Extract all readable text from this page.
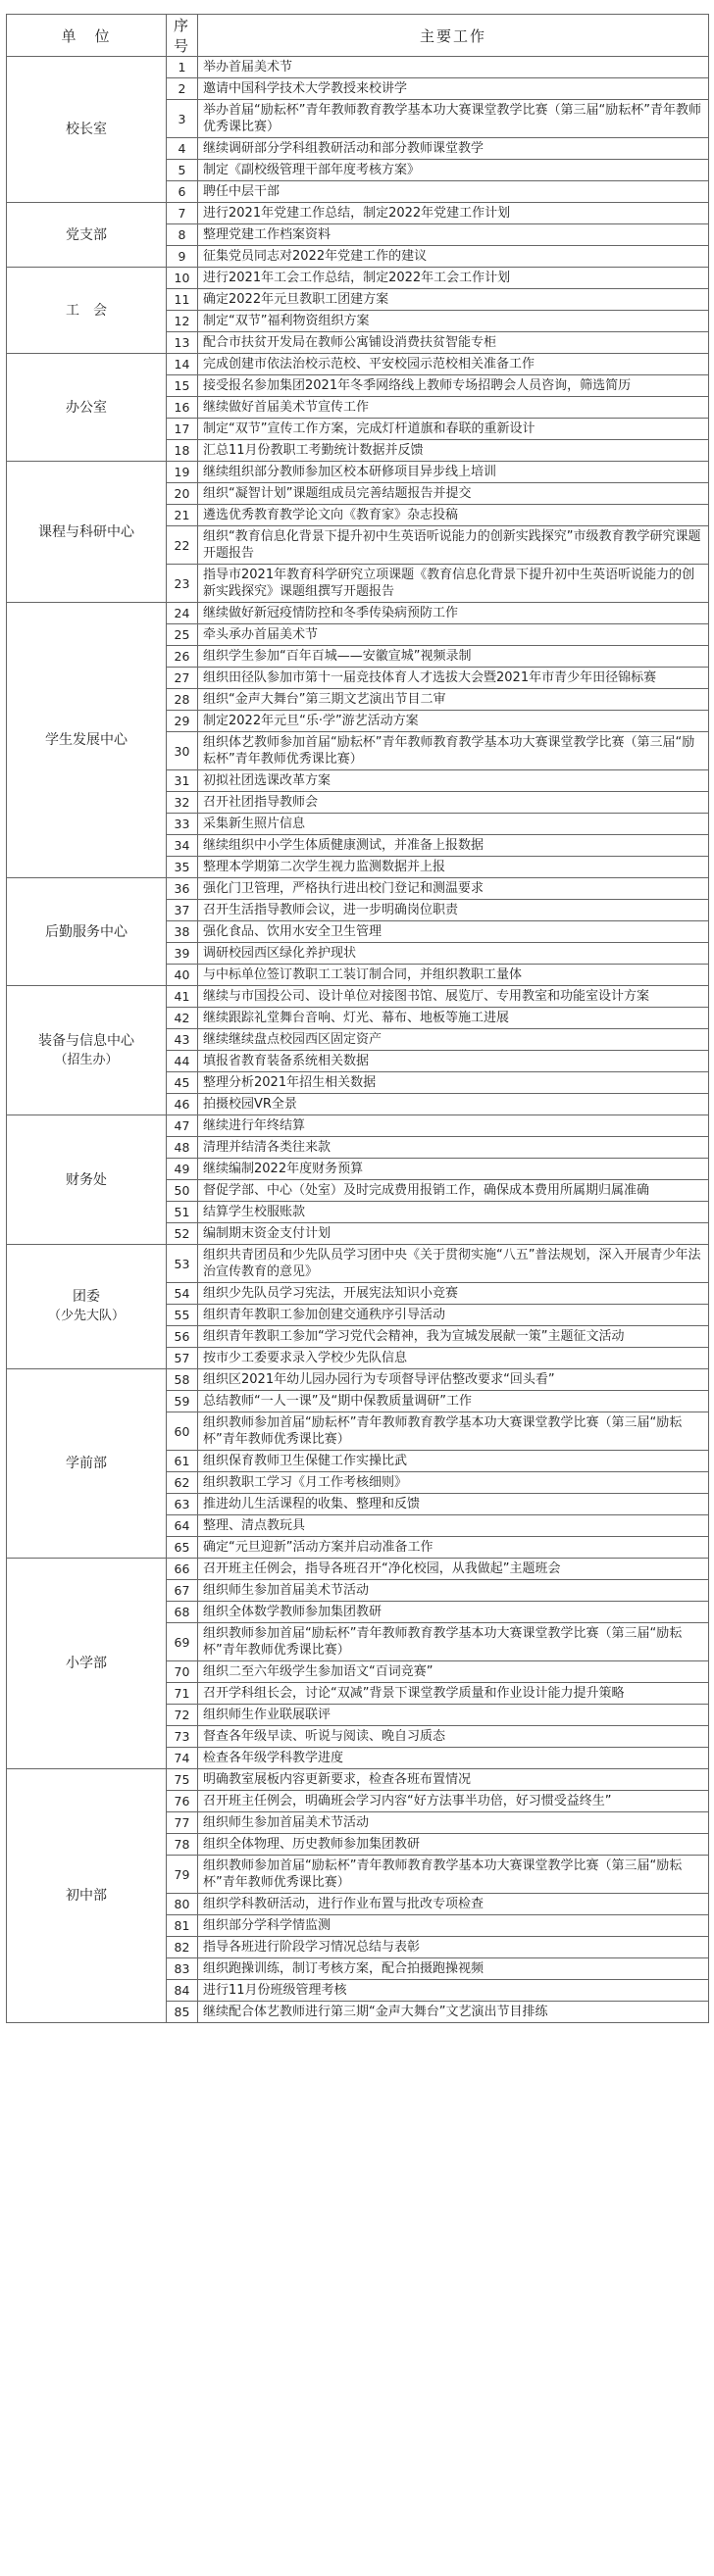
单　位	序号	主要工作
校长室	1	举办首届美术节
	2	邀请中国科学技术大学教授来校讲学
	3	举办首届“励耘杯”青年教师教育教学基本功大赛课堂教学比赛（第三届“励耘杯”青年教师优秀课比赛）
	4	继续调研部分学科组教研活动和部分教师课堂教学
	5	制定《副校级管理干部年度考核方案》
	6	聘任中层干部
党支部	7	进行2021年党建工作总结，制定2022年党建工作计划
	8	整理党建工作档案资料
	9	征集党员同志对2022年党建工作的建议
工　会	10	进行2021年工会工作总结，制定2022年工会工作计划
	11	确定2022年元旦教职工团建方案
	12	制定“双节”福利物资组织方案
	13	配合市扶贫开发局在教师公寓铺设消费扶贫智能专柜
办公室	14	完成创建市依法治校示范校、平安校园示范校相关准备工作
	15	接受报名参加集团2021年冬季网络线上教师专场招聘会人员咨询，筛选简历
	16	继续做好首届美术节宣传工作
	17	制定“双节”宣传工作方案，完成灯杆道旗和春联的重新设计
	18	汇总11月份教职工考勤统计数据并反馈
课程与科研中心	19	继续组织部分教师参加区校本研修项目异步线上培训
	20	组织“凝智计划”课题组成员完善结题报告并提交
	21	遴选优秀教育教学论文向《教育家》杂志投稿
	22	组织“教育信息化背景下提升初中生英语听说能力的创新实践探究”市级教育教学研究课题开题报告
	23	指导市2021年教育科学研究立项课题《教育信息化背景下提升初中生英语听说能力的创新实践探究》课题组撰写开题报告
学生发展中心	24	继续做好新冠疫情防控和冬季传染病预防工作
	25	牵头承办首届美术节
	26	组织学生参加“百年百城——安徽宣城”视频录制
	27	组织田径队参加市第十一届竞技体育人才选拔大会暨2021年市青少年田径锦标赛
	28	组织“金声大舞台”第三期文艺演出节目二审
	29	制定2022年元旦“乐·学”游艺活动方案
	30	组织体艺教师参加首届“励耘杯”青年教师教育教学基本功大赛课堂教学比赛（第三届“励耘杯”青年教师优秀课比赛）
	31	初拟社团选课改革方案
	32	召开社团指导教师会
	33	采集新生照片信息
	34	继续组织中小学生体质健康测试，并准备上报数据
	35	整理本学期第二次学生视力监测数据并上报
后勤服务中心	36	强化门卫管理，严格执行进出校门登记和测温要求
	37	召开生活指导教师会议，进一步明确岗位职责
	38	强化食品、饮用水安全卫生管理
	39	调研校园西区绿化养护现状
	40	与中标单位签订教职工工装订制合同，并组织教职工量体
装备与信息中心
（招生办）	41	继续与市国投公司、设计单位对接图书馆、展览厅、专用教室和功能室设计方案
	42	继续跟踪礼堂舞台音响、灯光、幕布、地板等施工进展
	43	继续继续盘点校园西区固定资产
	44	填报省教育装备系统相关数据
	45	整理分析2021年招生相关数据
	46	拍摄校园VR全景
财务处	47	继续进行年终结算
	48	清理并结清各类往来款
	49	继续编制2022年度财务预算
	50	督促学部、中心（处室）及时完成费用报销工作，确保成本费用所属期归属准确
	51	结算学生校服账款
	52	编制期末资金支付计划
团委
（少先大队）	53	组织共青团员和少先队员学习团中央《关于贯彻实施“八五”普法规划，深入开展青少年法治宣传教育的意见》
	54	组织少先队员学习宪法，开展宪法知识小竞赛
	55	组织青年教职工参加创建交通秩序引导活动
	56	组织青年教职工参加“学习党代会精神，我为宣城发展献一策”主题征文活动
	57	按市少工委要求录入学校少先队信息
学前部	58	组织区2021年幼儿园办园行为专项督导评估整改要求“回头看”
	59	总结教师“一人一课”及“期中保教质量调研”工作
	60	组织教师参加首届“励耘杯”青年教师教育教学基本功大赛课堂教学比赛（第三届“励耘杯”青年教师优秀课比赛）
	61	组织保育教师卫生保健工作实操比武
	62	组织教职工学习《月工作考核细则》
	63	推进幼儿生活课程的收集、整理和反馈
	64	整理、清点教玩具
	65	确定“元旦迎新”活动方案并启动准备工作
小学部	66	召开班主任例会，指导各班召开“净化校园，从我做起”主题班会
	67	组织师生参加首届美术节活动
	68	组织全体数学教师参加集团教研
	69	组织教师参加首届“励耘杯”青年教师教育教学基本功大赛课堂教学比赛（第三届“励耘杯”青年教师优秀课比赛）
	70	组织二至六年级学生参加语文“百词竞赛”
	71	召开学科组长会，讨论“双减”背景下课堂教学质量和作业设计能力提升策略
	72	组织师生作业联展联评
	73	督查各年级早读、听说与阅读、晚自习质态
	74	检查各年级学科教学进度
初中部	75	明确教室展板内容更新要求，检查各班布置情况
	76	召开班主任例会，明确班会学习内容“好方法事半功倍，好习惯受益终生”
	77	组织师生参加首届美术节活动
	78	组织全体物理、历史教师参加集团教研
	79	组织教师参加首届“励耘杯”青年教师教育教学基本功大赛课堂教学比赛（第三届“励耘杯”青年教师优秀课比赛）
	80	组织学科教研活动，进行作业布置与批改专项检查
	81	组织部分学科学情监测
	82	指导各班进行阶段学习情况总结与表彰
	83	组织跑操训练，制订考核方案，配合拍摄跑操视频
	84	进行11月份班级管理考核
	85	继续配合体艺教师进行第三期“金声大舞台”文艺演出节目排练
